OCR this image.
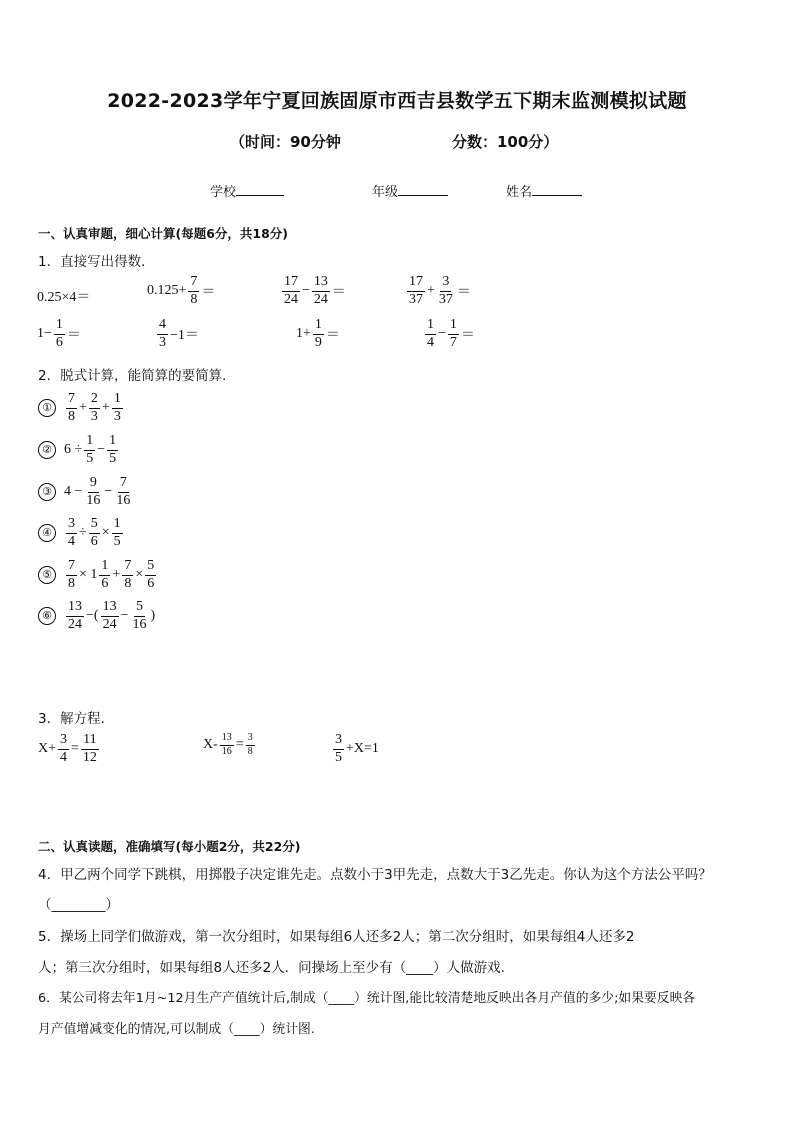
2022-2023学年宁夏回族固原市西吉县数学五下期末监测模拟试题
（时间：90分钟	分数：100分）
学校	年级	姓名
一、认真审题，细心计算(每题6分，共18分)
1．直接写出得数．
0.25×4＝	$0.125+ \frac{7}{8}$ ＝	$\frac{17}{24} - \frac{13}{24}$ ＝	$\frac{17}{37} + \frac{3}{37}$ ＝
$1- \frac{1}{6}$ ＝	$\frac{4}{3} -1=$	$1+ \frac{1}{9}$ ＝	$\frac{1}{4} - \frac{1}{7}$ ＝
2．脱式计算，能简算的要简算．
① $\frac{7}{8} + \frac{2}{3} + \frac{1}{3}$
② $6 \div \frac{1}{5} - \frac{1}{5}$
③ $4 - \frac{9}{16} - \frac{7}{16}$
④ $\frac{3}{4} \div \frac{5}{6} \times \frac{1}{5}$
⑤ $\frac{7}{8} \times 1 \frac{1}{6} + \frac{7}{8} \times \frac{5}{6}$
⑥ $\frac{13}{24}$ −( $\frac{13}{24} - \frac{5}{16}$ )
3．解方程．
$X+ \frac{3}{4} = \frac{11}{12}$	$X- \frac{13}{16} = \frac{3}{8}$	$\frac{3}{5} +X=1$
二、认真读题，准确填写(每小题2分，共22分)
4．甲乙两个同学下跳棋，用掷骰子决定谁先走。点数小于3甲先走，点数大于3乙先走。你认为这个方法公平吗？
（________）
5．操场上同学们做游戏，第一次分组时，如果每组6人还多2人；第二次分组时，如果每组4人还多2
人；第三次分组时，如果每组8人还多2人．问操场上至少有（____）人做游戏.
6．某公司将去年1月~12月生产产值统计后,制成（____）统计图,能比较清楚地反映出各月产值的多少;如果要反映各
月产值增减变化的情况,可以制成（____）统计图.
